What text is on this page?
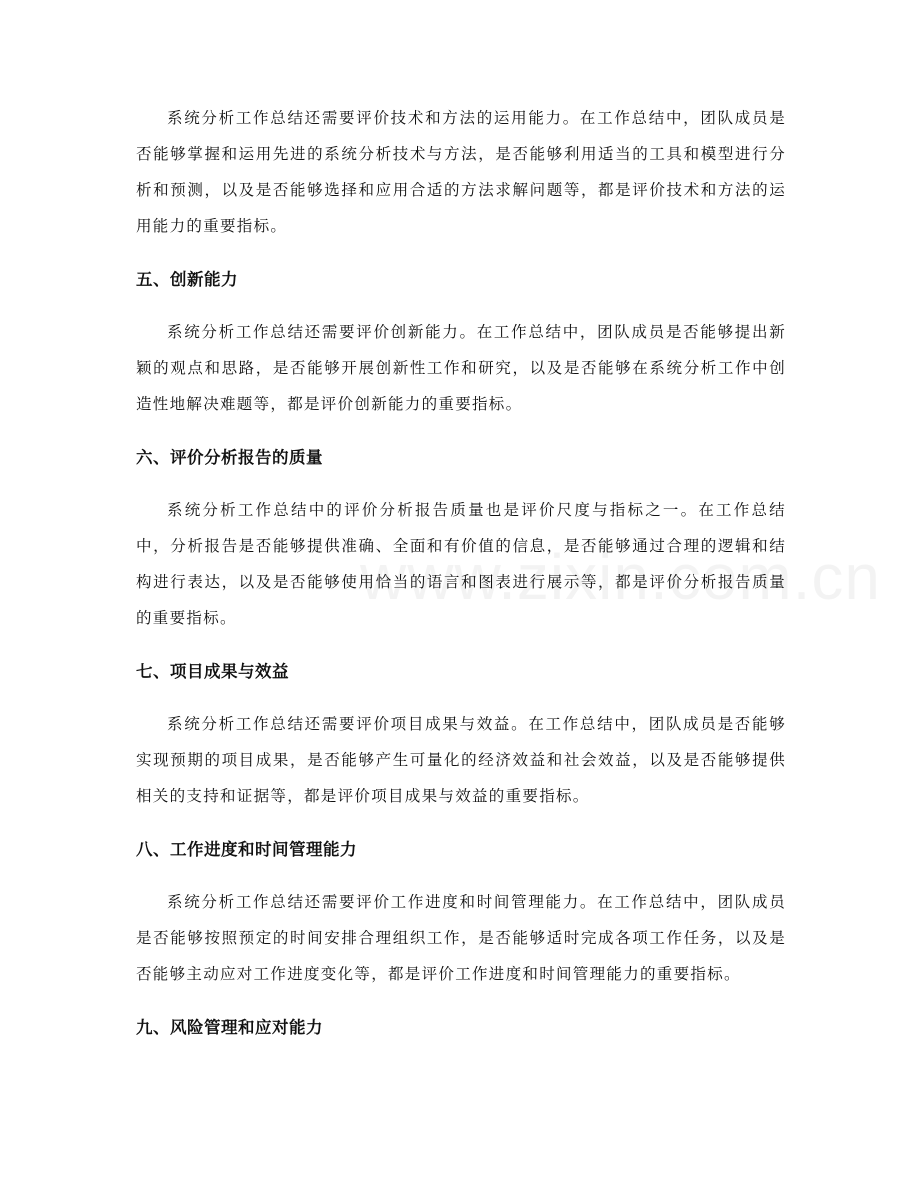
系统分析工作总结还需要评价技术和方法的运用能力。在工作总结中，团队成员是否能够掌握和运用先进的系统分析技术与方法，是否能够利用适当的工具和模型进行分析和预测，以及是否能够选择和应用合适的方法求解问题等，都是评价技术和方法的运用能力的重要指标。

五、创新能力

系统分析工作总结还需要评价创新能力。在工作总结中，团队成员是否能够提出新颖的观点和思路，是否能够开展创新性工作和研究，以及是否能够在系统分析工作中创造性地解决难题等，都是评价创新能力的重要指标。

六、评价分析报告的质量

系统分析工作总结中的评价分析报告质量也是评价尺度与指标之一。在工作总结中，分析报告是否能够提供准确、全面和有价值的信息，是否能够通过合理的逻辑和结构进行表达，以及是否能够使用恰当的语言和图表进行展示等，都是评价分析报告质量的重要指标。

七、项目成果与效益

系统分析工作总结还需要评价项目成果与效益。在工作总结中，团队成员是否能够实现预期的项目成果，是否能够产生可量化的经济效益和社会效益，以及是否能够提供相关的支持和证据等，都是评价项目成果与效益的重要指标。

八、工作进度和时间管理能力

系统分析工作总结还需要评价工作进度和时间管理能力。在工作总结中，团队成员是否能够按照预定的时间安排合理组织工作，是否能够适时完成各项工作任务，以及是否能够主动应对工作进度变化等，都是评价工作进度和时间管理能力的重要指标。

九、风险管理和应对能力
